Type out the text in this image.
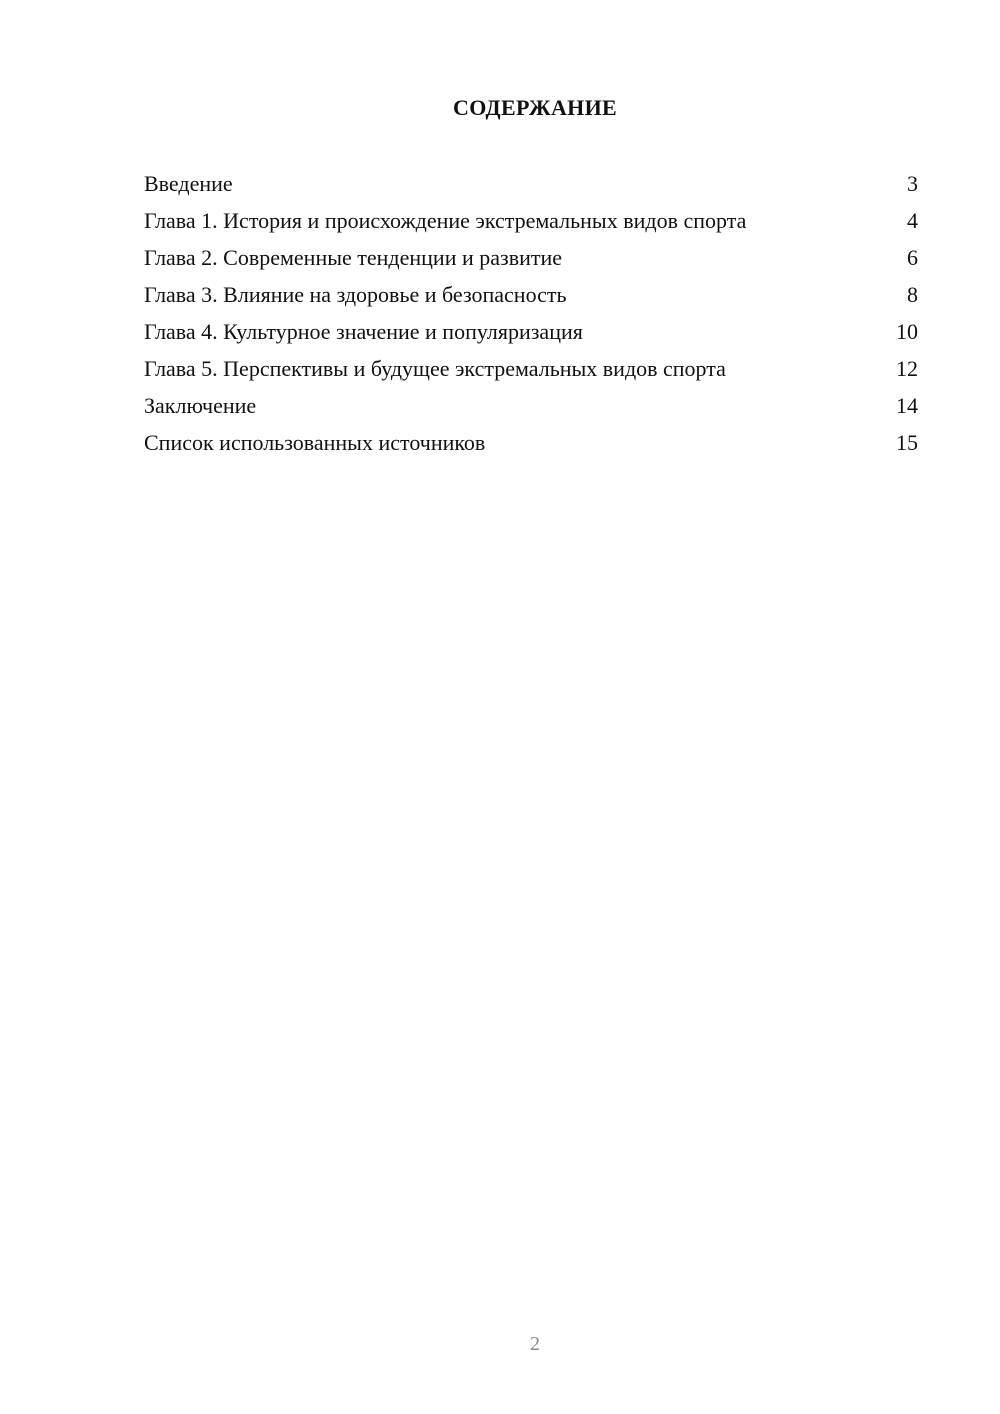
СОДЕРЖАНИЕ
Введение	3
Глава 1. История и происхождение экстремальных видов спорта	4
Глава 2. Современные тенденции и развитие	6
Глава 3. Влияние на здоровье и безопасность	8
Глава 4. Культурное значение и популяризация	10
Глава 5. Перспективы и будущее экстремальных видов спорта	12
Заключение	14
Список использованных источников	15
2
